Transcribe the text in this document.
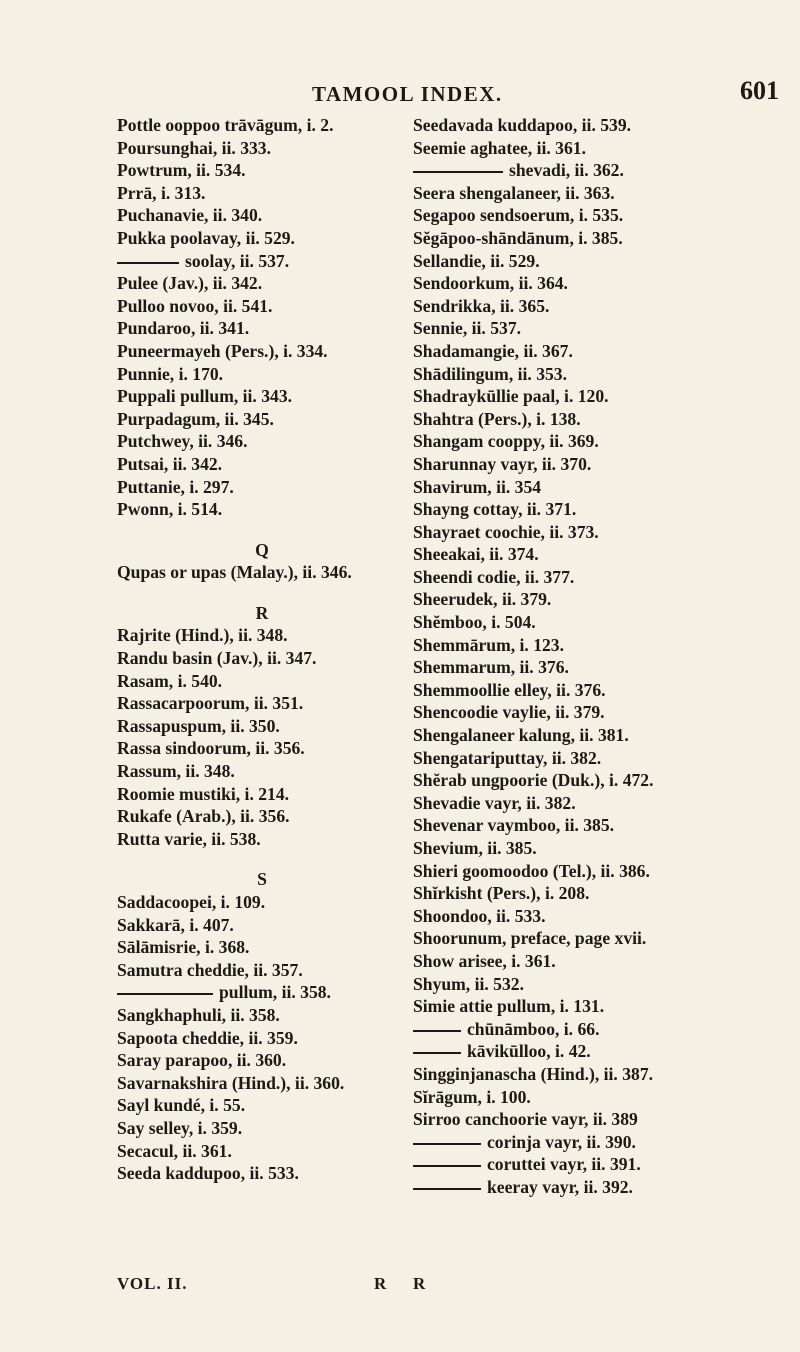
TAMOOL INDEX.	601
Pottle ooppoo trāvāgum, i. 2.
Poursunghai, ii. 333.
Powtrum, ii. 534.
Prrā, i. 313.
Puchanavie, ii. 340.
Pukka poolavay, ii. 529.
soolay, ii. 537.
Pulee (Jav.), ii. 342.
Pulloo novoo, ii. 541.
Pundaroo, ii. 341.
Puneermayeh (Pers.), i. 334.
Punnie, i. 170.
Puppali pullum, ii. 343.
Purpadagum, ii. 345.
Putchwey, ii. 346.
Putsai, ii. 342.
Puttanie, i. 297.
Pwonn, i. 514.
Q
Qupas or upas (Malay.), ii. 346.
R
Rajrite (Hind.), ii. 348.
Randu basin (Jav.), ii. 347.
Rasam, i. 540.
Rassacarpoorum, ii. 351.
Rassapuspum, ii. 350.
Rassa sindoorum, ii. 356.
Rassum, ii. 348.
Roomie mustiki, i. 214.
Rukafe (Arab.), ii. 356.
Rutta varie, ii. 538.
S
Saddacoopei, i. 109.
Sakkarā, i. 407.
Sālāmisrie, i. 368.
Samutra cheddie, ii. 357.
pullum, ii. 358.
Sangkhaphuli, ii. 358.
Sapoota cheddie, ii. 359.
Saray parapoo, ii. 360.
Savarnakshira (Hind.), ii. 360.
Sayl kundé, i. 55.
Say selley, i. 359.
Secacul, ii. 361.
Seeda kaddupoo, ii. 533.
Seedavada kuddapoo, ii. 539.
Seemie aghatee, ii. 361.
shevadi, ii. 362.
Seera shengalaneer, ii. 363.
Segapoo sendsoerum, i. 535.
Sĕgāpoo-shāndānum, i. 385.
Sellandie, ii. 529.
Sendoorkum, ii. 364.
Sendrikka, ii. 365.
Sennie, ii. 537.
Shadamangie, ii. 367.
Shādilingum, ii. 353.
Shadraykūllie paal, i. 120.
Shahtra (Pers.), i. 138.
Shangam cooppy, ii. 369.
Sharunnay vayr, ii. 370.
Shavirum, ii. 354
Shayng cottay, ii. 371.
Shayraet coochie, ii. 373.
Sheeakai, ii. 374.
Sheendi codie, ii. 377.
Sheerudek, ii. 379.
Shĕmboo, i. 504.
Shemmārum, i. 123.
Shemmarum, ii. 376.
Shemmoollie elley, ii. 376.
Shencoodie vaylie, ii. 379.
Shengalaneer kalung, ii. 381.
Shengatariputtay, ii. 382.
Shĕrab ungpoorie (Duk.), i. 472.
Shevadie vayr, ii. 382.
Shevenar vaymboo, ii. 385.
Shevium, ii. 385.
Shieri goomoodoo (Tel.), ii. 386.
Shĭrkisht (Pers.), i. 208.
Shoondoo, ii. 533.
Shoorunum, preface, page xvii.
Show arisee, i. 361.
Shyum, ii. 532.
Simie attie pullum, i. 131.
chūnāmboo, i. 66.
kāvikūlloo, i. 42.
Singginjanascha (Hind.), ii. 387.
Sĭrāgum, i. 100.
Sirroo canchoorie vayr, ii. 389
corinja vayr, ii. 390.
coruttei vayr, ii. 391.
keeray vayr, ii. 392.
VOL. II.	R R
